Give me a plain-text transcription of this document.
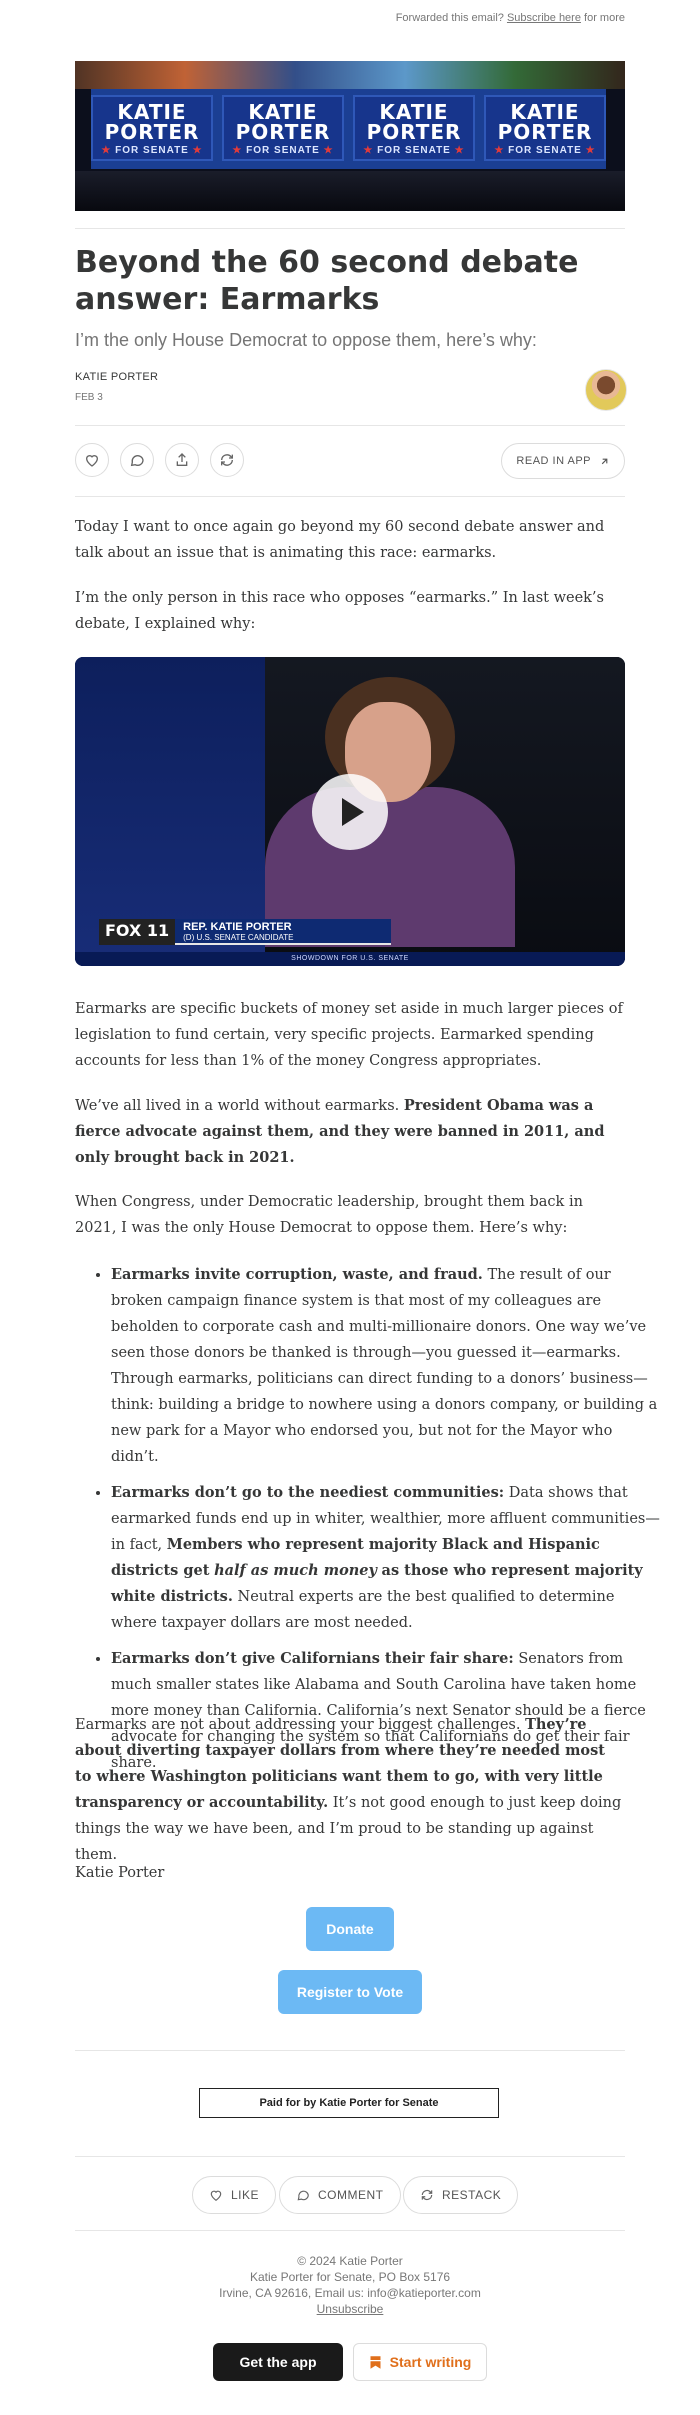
Forwarded this email? Subscribe here for more
KATIE PORTER
★ FOR SENATE ★
KATIE PORTER
★ FOR SENATE ★
KATIE PORTER
★ FOR SENATE ★
KATIE PORTER
★ FOR SENATE ★
Beyond the 60 second debate answer: Earmarks
I’m the only House Democrat to oppose them, here’s why:
KATIE PORTER
FEB 3
READ IN APP

Today I want to once again go beyond my 60 second debate answer and talk about an issue that is animating this race: earmarks.

I’m the only person in this race who opposes “earmarks.” In last week’s debate, I explained why:

FOX 11	REP. KATIE PORTER
(D) U.S. SENATE CANDIDATE
SHOWDOWN FOR U.S. SENATE

Earmarks are specific buckets of money set aside in much larger pieces of legislation to fund certain, very specific projects. Earmarked spending accounts for less than 1% of the money Congress appropriates.

We’ve all lived in a world without earmarks. President Obama was a fierce advocate against them, and they were banned in 2011, and only brought back in 2021.

When Congress, under Democratic leadership, brought them back in 2021, I was the only House Democrat to oppose them. Here’s why:

• Earmarks invite corruption, waste, and fraud. The result of our broken campaign finance system is that most of my colleagues are beholden to corporate cash and multi-millionaire donors. One way we’ve seen those donors be thanked is through—you guessed it—earmarks. Through earmarks, politicians can direct funding to a donors’ business—think: building a bridge to nowhere using a donors company, or building a new park for a Mayor who endorsed you, but not for the Mayor who didn’t.
• Earmarks don’t go to the neediest communities: Data shows that earmarked funds end up in whiter, wealthier, more affluent communities—in fact, Members who represent majority Black and Hispanic districts get half as much money as those who represent majority white districts. Neutral experts are the best qualified to determine where taxpayer dollars are most needed.
• Earmarks don’t give Californians their fair share: Senators from much smaller states like Alabama and South Carolina have taken home more money than California. California’s next Senator should be a fierce advocate for changing the system so that Californians do get their fair share.

Earmarks are not about addressing your biggest challenges. They’re about diverting taxpayer dollars from where they’re needed most to where Washington politicians want them to go, with very little transparency or accountability. It’s not good enough to just keep doing things the way we have been, and I’m proud to be standing up against them.

Katie Porter

Donate
Register to Vote
Paid for by Katie Porter for Senate
LIKE	COMMENT	RESTACK
© 2024 Katie Porter
Katie Porter for Senate, PO Box 5176
Irvine, CA 92616, Email us: info@katieporter.com
Unsubscribe
Get the app	Start writing
